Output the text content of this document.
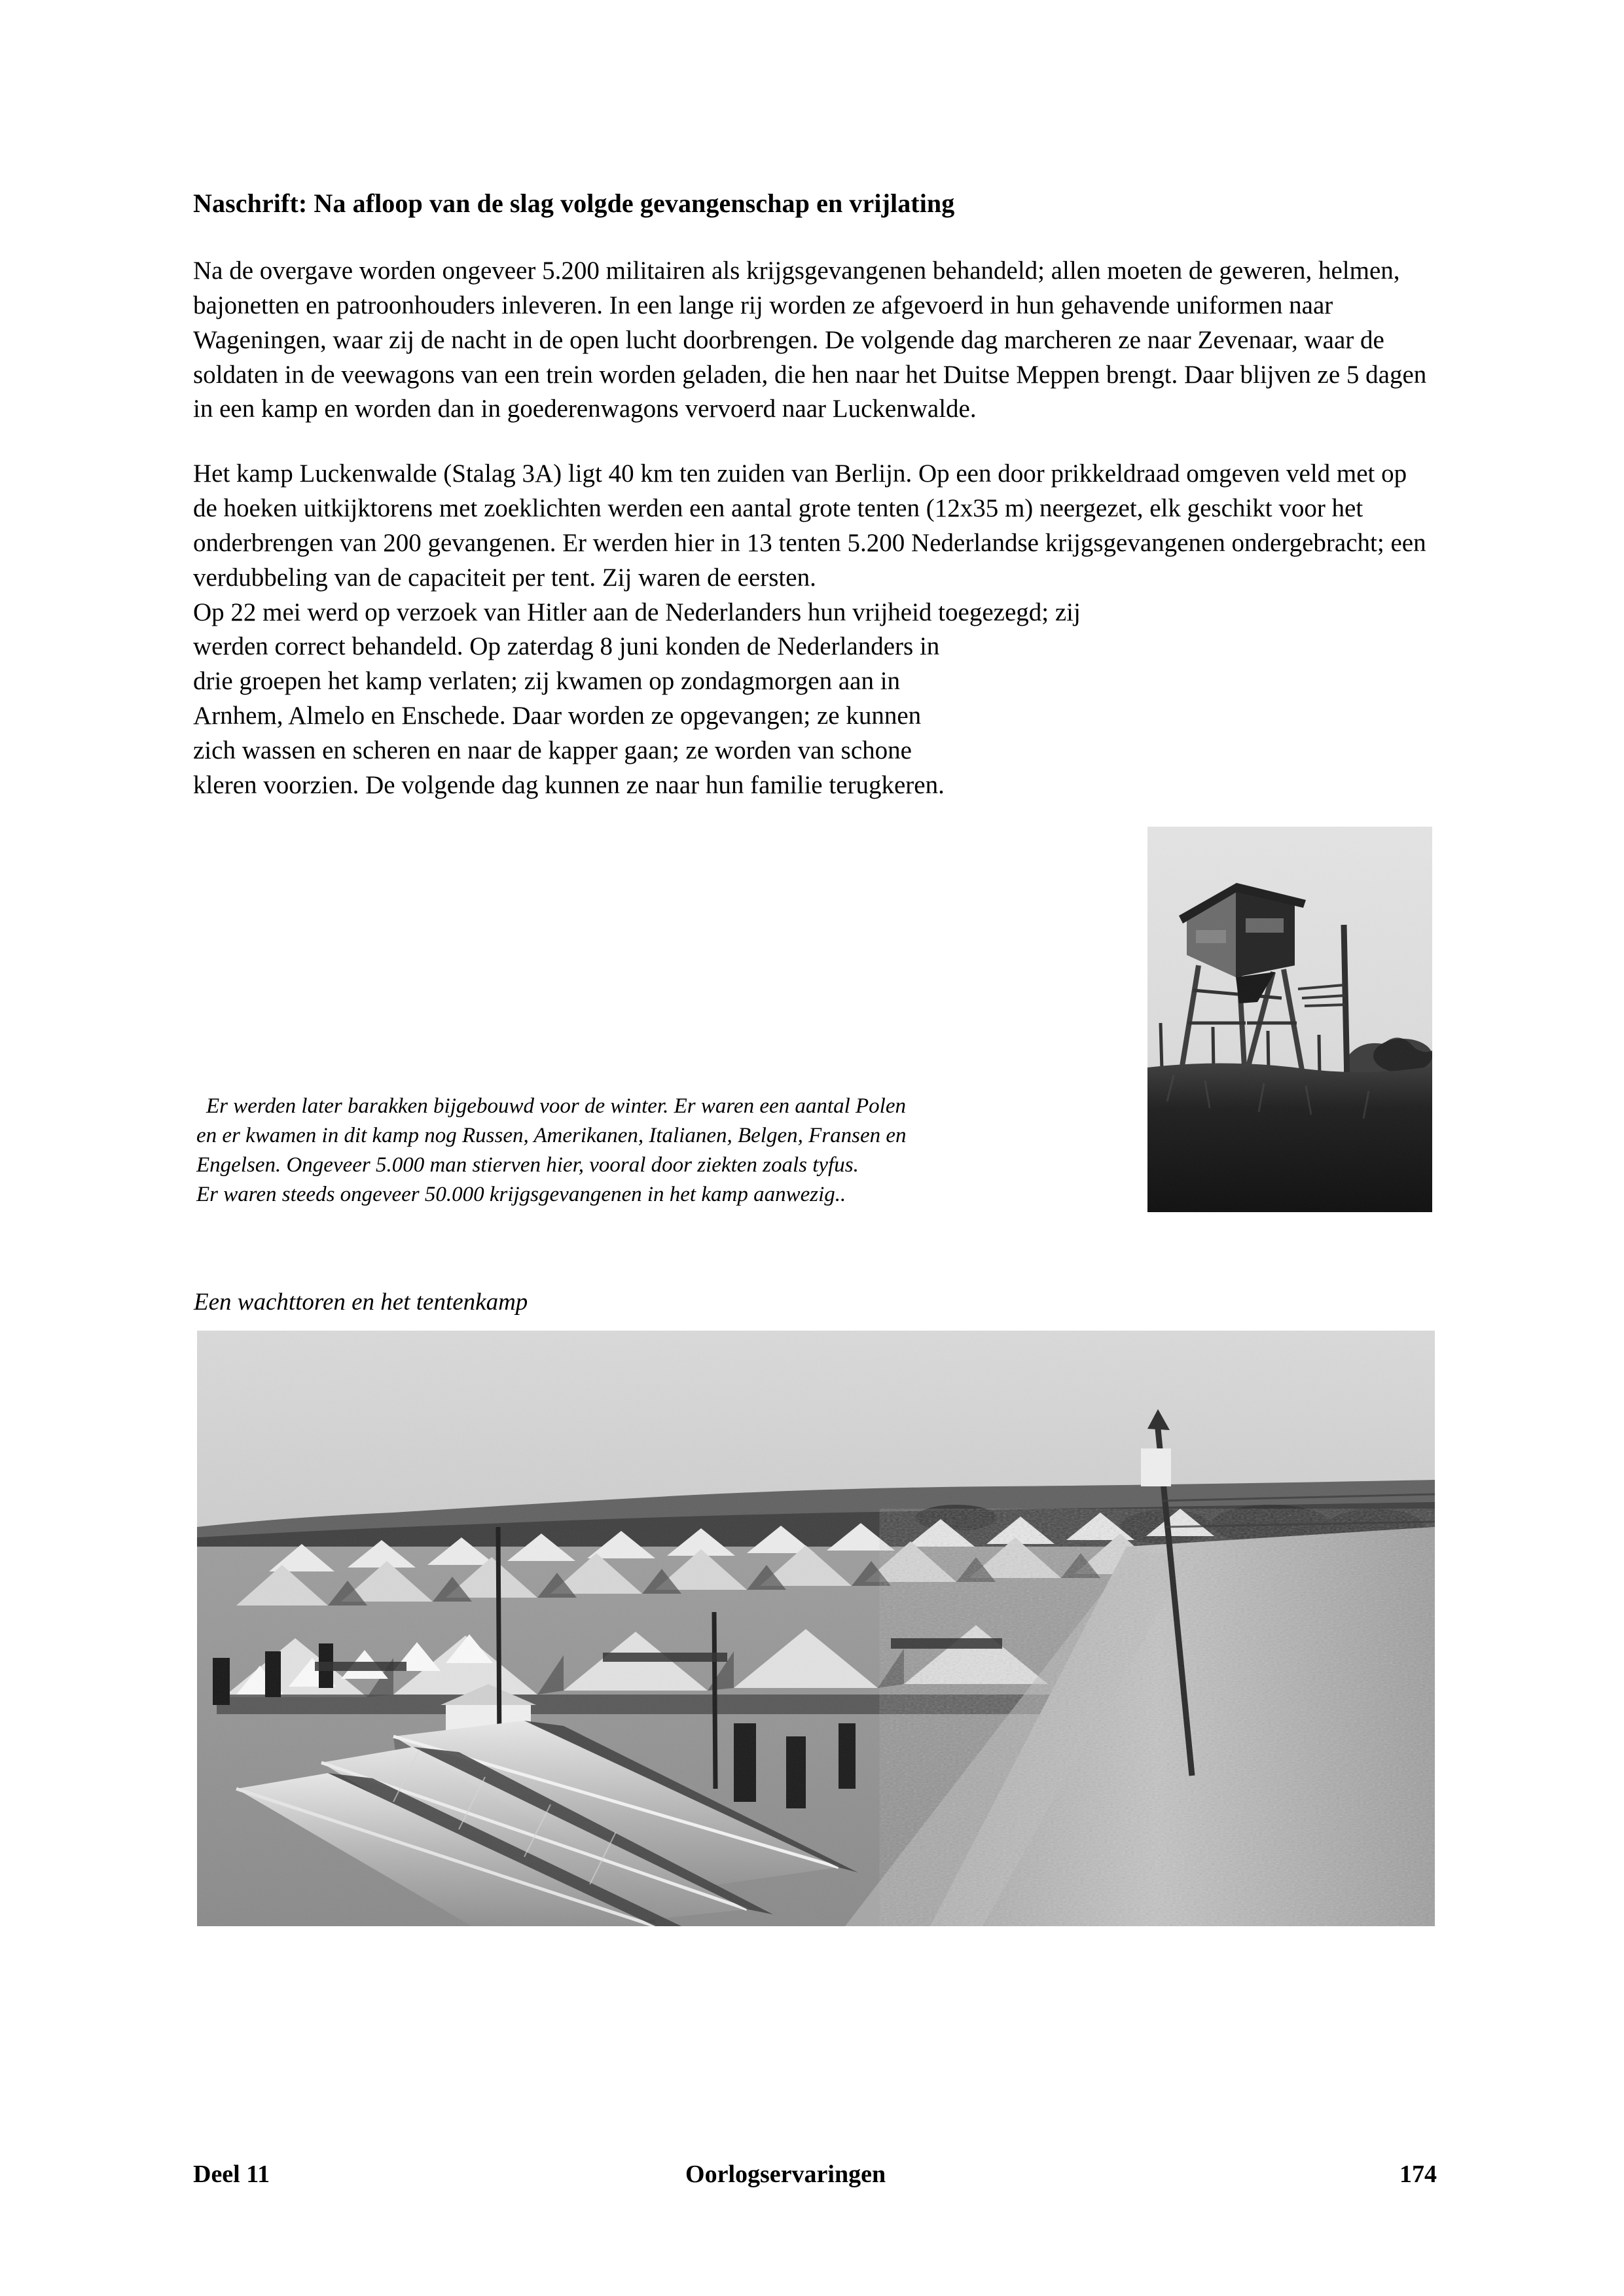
Naschrift: Na afloop van de slag volgde gevangenschap en vrijlating

Na de overgave worden ongeveer 5.200 militairen als krijgsgevangenen behandeld; allen moeten de geweren, helmen, bajonetten en patroonhouders inleveren. In een lange rij worden ze afgevoerd in hun gehavende uniformen naar Wageningen, waar zij de nacht in de open lucht doorbrengen. De volgende dag marcheren ze naar Zevenaar, waar de soldaten in de veewagons van een trein worden geladen, die hen naar het Duitse Meppen brengt. Daar blijven ze 5 dagen in een kamp en worden dan in goederenwagons vervoerd naar Luckenwalde.

Het kamp Luckenwalde (Stalag 3A) ligt 40 km ten zuiden van Berlijn. Op een door prikkeldraad omgeven veld met op de hoeken uitkijktorens met zoeklichten werden een aantal grote tenten (12x35 m) neergezet, elk geschikt voor het onderbrengen van 200 gevangenen. Er werden hier in 13 tenten 5.200 Nederlandse krijgsgevangenen ondergebracht; een verdubbeling van de capaciteit per tent. Zij waren de eersten.

Op 22 mei werd op verzoek van Hitler aan de Nederlanders hun vrijheid toegezegd; zij

werden correct behandeld. Op zaterdag 8 juni konden de Nederlanders in drie groepen het kamp verlaten; zij kwamen op zondagmorgen aan in Arnhem, Almelo en Enschede. Daar worden ze opgevangen; ze kunnen zich wassen en scheren en naar de kapper gaan; ze worden van schone kleren voorzien. De volgende dag kunnen ze naar hun familie terugkeren.

Er werden later barakken bijgebouwd voor de winter. Er waren een aantal Polen
en er kwamen in dit kamp nog Russen, Amerikanen, Italianen, Belgen, Fransen en
Engelsen. Ongeveer 5.000 man stierven hier, vooral door ziekten zoals tyfus.
Er waren steeds ongeveer 50.000 krijgsgevangenen in het kamp aanwezig..
Een wachttoren en het tentenkamp
Deel 11	Oorlogservaringen	174
